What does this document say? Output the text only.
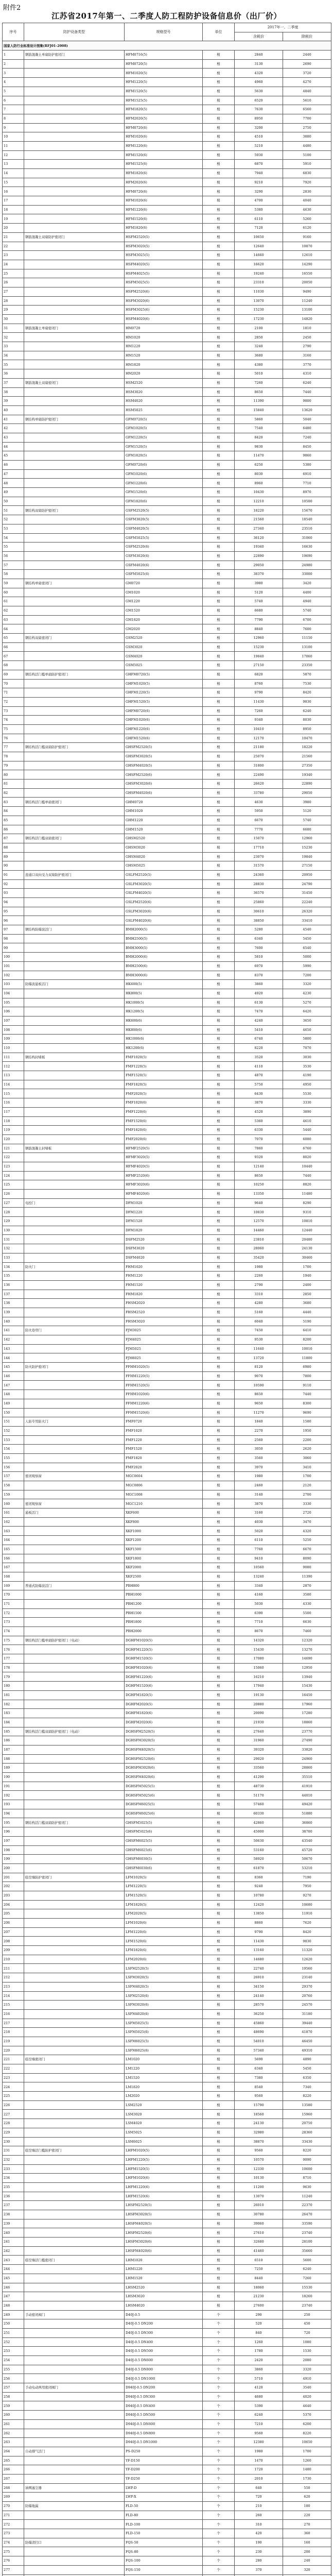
附件2
江苏省2017年第一、二季度人防工程防护设备信息价（出厂价）
序号	防护设备类型	规格型号	单位	2017年一、二季度	
				含税价	除税价
国家人防行业标准设计图集(RFJ01-2008)					
1	钢筋混凝土单扇防护密闭门	HFM0716(5)	樘	2840	2440
2		HFM0720(5)	樘	3130	2690
3		HFM1020(5)	樘	4320	3720
4		HFM1220(5)	樘	4960	4270
5		HFM1520(5)	樘	5630	4840
6		HFM1525(5)	樘	6520	5610
7		HFM1820(5)	樘	7630	6560
8		HFM2020(5)	樘	8950	7700
9		HFM0720(6)	樘	3200	2750
10		HFM1020(6)	樘	4510	3880
11		HFM1220(6)	樘	5210	4480
12		HFM1520(6)	樘	5930	5100
13		HFM1525(6)	樘	6870	5910
14		HFM1820(6)	樘	7940	6830
15		HFM2020(6)	樘	9210	7920
16		HFM0720(6)	樘	3290	2830
17		HFM1020(6)	樘	4700	4040
18		HFM1220(6)	樘	5380	4630
19		HFM1520(6)	樘	6110	5260
20		HFM1820(6)	樘	7120	6120
21	钢筋混凝土双扇防护密闭门	HSFM2520(5)	樘	10650	9160
22		HSFM3020(5)	樘	12640	10870
23		HSFM3025(5)	樘	14660	12610
24		HSFM4020(5)	樘	16620	14290
25		HSFM4025(5)	樘	19240	16550
26		HSFM5025(5)	樘	23310	20050
27		HSFM2520(6)	樘	11030	9490
28		HSFM3020(6)	樘	13070	11240
29		HSFM3025(6)	樘	15230	13100
30		HSFM4020(6)	樘	17230	14820
31	钢筋混凝土单扇密闭门	HM0720	樘	2100	1810
32		HM1020	樘	2850	2450
33		HM1220	樘	3240	2790
34		HM1520	樘	3680	3160
35		HM1820	樘	4380	3770
36		HM2020	樘	5010	4310
37	钢筋混凝土双扇密闭门	HSM2520	樘	7260	6240
38		HSM3020	樘	8650	7440
39		HSM4020	樘	11390	9800
40		HSM5025	樘	15840	13620
41	钢结构单扇防护密闭门	GFM0720(5)	樘	5860	5040
42		GFM1020(5)	樘	7540	6480
43		GFM1220(5)	樘	8420	7240
44		GFM1520(5)	樘	9830	8450
45		GFM1820(5)	樘	11470	9860
46		GFM0720(6)	樘	6250	5380
47		GFM1020(6)	樘	8030	6910
48		GFM1220(6)	樘	8960	7710
49		GFM1520(6)	樘	10430	8970
50		GFM1820(6)	樘	12210	10500
51	钢结构双扇防护密闭门	GSFM2520(5)	樘	18220	15670
52		GSFM3020(5)	樘	21560	18540
53		GSFM4020(5)	樘	27340	23510
54		GSFM5025(5)	樘	36120	31060
55		GSFM2520(6)	樘	19340	16630
56		GSFM3020(6)	樘	22890	19690
57		GSFM4020(6)	樘	29050	24980
58		GSFM5025(6)	樘	38370	33000
59	钢结构单扇密闭门	GM0720	樘	3980	3420
60		GM1020	樘	5120	4400
61		GM1220	樘	5740	4940
62		GM1520	樘	6680	5740
63		GM1820	樘	7790	6700
64		GM2020	樘	8840	7600
65	钢结构双扇密闭门	GSM2520	樘	12960	11150
66		GSM3020	樘	15230	13100
67		GSM4020	樘	19840	17060
68		GSM5025	樘	27150	23350
69	钢结构活门槛单扇防护密闭门	GHFM0720(5)	樘	6820	5870
70		GHFM1020(5)	樘	8760	7530
71		GHFM1220(5)	樘	9790	8420
72		GHFM1520(5)	樘	11430	9830
73		GHFM0720(6)	樘	7260	6240
74		GHFM1020(6)	樘	9340	8030
75		GHFM1220(6)	樘	10410	8950
76		GHFM1520(6)	樘	12170	10470
77	钢结构活门槛双扇防护密闭门	GHSFM2520(5)	樘	21180	18220
78		GHSFM3020(5)	樘	25070	21560
79		GHSFM4020(5)	樘	31800	27350
80		GHSFM2520(6)	樘	22490	19340
81		GHSFM3020(6)	樘	26620	22890
82		GHSFM4020(6)	樘	33780	29050
83	钢结构活门槛单扇密闭门	GHM0720	樘	4630	3980
84		GHM1020	樘	5950	5120
85		GHM1220	樘	6670	5740
86		GHM1520	樘	7770	6680
87	钢结构活门槛双扇密闭门	GHSM2520	樘	15070	12960
88		GHSM3020	樘	17710	15230
89		GHSM4020	樘	23070	19840
90		GHSM5025	樘	31570	27150
91	连通口双向受力双扇防护密闭门	GSLFM2520(5)	樘	24360	20950
92		GSLFM3020(5)	樘	28830	24790
93		GSLFM4020(5)	樘	36570	31450
94		GSLFM2520(6)	樘	25860	22240
95		GSLFM3020(6)	樘	30610	26320
96		GSLFM4020(6)	樘	38850	33410
97	钢结构防爆波活门	BMH2000(5)	樘	5280	4540
98		BMH2500(5)	樘	6340	5450
99		BMH3000(5)	樘	7600	6540
100		BMH2000(6)	樘	5810	5000
101		BMH2500(6)	樘	6970	5990
102		BMH3000(6)	樘	8370	7200
103	防爆波悬板活门	HK600(5)	樘	3860	3320
104		HK800(5)	樘	4920	4230
105		HK1000(5)	樘	6130	5270
106		HK1200(5)	樘	7470	6420
107		HK600(6)	樘	4240	3650
108		HK800(6)	樘	5410	4650
109		HK1000(6)	樘	6740	5800
110		HK1200(6)	樘	8220	7070
111	钢结构封堵板	FMF1020(5)	樘	3520	3030
112		FMF1220(5)	樘	4110	3530
113		FMF1520(5)	樘	4870	4190
114		FMF1820(5)	樘	5750	4950
115		FMF2020(5)	樘	6430	5530
116		FMF1020(6)	樘	3870	3330
117		FMF1220(6)	樘	4520	3890
118		FMF1520(6)	樘	5360	4610
119		FMF1820(6)	樘	6330	5440
120		FMF2020(6)	樘	7070	6080
121	钢筋混凝土封堵板	HFMF2520(5)	樘	7860	6760
122		HFMF3020(5)	樘	9320	8020
123		HFMF4020(5)	樘	12140	10440
124		HFMF2520(6)	樘	8650	7440
125		HFMF3020(6)	樘	10250	8820
126		HFMF4020(6)	樘	13350	11480
127	电控门	DFM1020	樘	9640	8290
128		DFM1220	樘	10830	9310
129		DFM1520	樘	12570	10810
130		DFM1820	樘	14460	12440
131		DSFM2520	樘	23810	20480
132		DSFM3020	樘	28060	24130
133		DSFM4020	樘	35420	30460
134	防火门	FHM1020	樘	1980	1700
135		FHM1220	樘	2260	1940
136		FHM1520	樘	2790	2400
137		FHM1820	樘	3310	2850
138		FHSM2020	樘	4280	3680
139		FHSM2520	樘	5160	4440
140		FHSM3020	樘	6040	5190
141	防火卷帘门	FJM3025	樘	7450	6410
142		FJM4025	樘	9530	8200
143		FJM5025	樘	11640	10010
144		FJM6025	樘	13720	11800
145	防火防护密闭门	FFHM1020(5)	樘	8120	6980
146		FFHM1220(5)	樘	9070	7800
147		FFHM1520(5)	樘	10590	9110
148		FFHM1020(6)	樘	8650	7440
149		FFHM1220(6)	樘	9650	8300
150		FFHM1520(6)	樘	11270	9690
151	人防专用防火门	FMF0720	樘	1840	1580
152		FMF1020	樘	2270	1950
153		FMF1220	樘	2560	2200
154		FMF1520	樘	3050	2620
155		FMF1820	樘	3560	3060
156		FMF2020	樘	3970	3410
157	密闭观察窗	MGC0604	樘	1980	1700
158		MGC0806	樘	2460	2120
159		MGC1008	樘	3140	2700
160	密闭观察窗	MGC1210	樘	3870	3330
161	悬板活门	XKF600	樘	3160	2720
162		XKF800	樘	4030	3470
163		XKF1000	樘	5020	4320
164		XKF1200	樘	6110	5250
165		XKF1500	樘	7760	6670
166		XKF1800	樘	9410	8090
167		XKF2000	樘	10560	9080
168		XKF2500	樘	13240	11390
169	普通式防爆波活门	PBH800	樘	3340	2870
170		PBH1000	樘	4160	3580
171		PBH1200	樘	5030	4330
172		PBH1500	樘	6390	5500
173		PBH1800	樘	7710	6630
174		PBH2000	樘	8670	7460
175	钢结构活门槛单扇防护密闭门（电动）	DGHFM1020(5)	樘	14320	12320
176		DGHFM1220(5)	樘	15430	13270
177		DGHFM1520(5)	樘	17080	14690
178		DGHFM1020(6)	樘	15060	12950
179		DGHFM1220(6)	樘	16210	13940
180		DGHFM1520(6)	樘	17940	15430
181		DGHFM1820(5)	樘	19130	16450
182		DGHFM2020(5)	樘	20880	17960
183		DGHFM1820(6)	樘	20090	17280
184		DGHFM2020(6)	樘	21930	18860
185	钢结构活门槛双扇防护密闭门（电动）	DGHSFM2520(5)	樘	27640	23770
186		DGHSFM3020(5)	樘	31960	27490
187		DGHSFM4020(5)	樘	39320	33820
188		DGHSFM2520(6)	樘	29020	24960
189		DGHSFM3020(6)	樘	33560	28860
190		DGHSFM4020(6)	樘	41290	35510
191		DGHSFM5025(5)	樘	48730	41910
192		DGHSFM5025(6)	樘	51170	44010
193		DGHSFM6025(5)	樘	57460	49420
194		DGHSFM6025(6)	樘	60330	51880
195	钢结构活门槛双扇防护密闭门	GHSFM5025(5)	樘	42860	36860
196		GHSFM5025(6)	樘	45000	38700
197		GHSFM6025(5)	樘	50630	43540
198		GHSFM6025(6)	樘	53160	45720
199		GHSFM6030(5)	樘	58920	50670
200		GHSFM6030(6)	樘	61870	53210
201	临空墙防护密闭门	LFM1020(5)	樘	8360	7190
202		LFM1220(5)	樘	9240	7950
203		LFM1520(5)	樘	10780	9270
204		LFM1820(5)	樘	12420	10680
205		LFM2020(5)	樘	13850	11910
206		LFM1020(6)	樘	8860	7620
207		LFM1220(6)	樘	9790	8420
208		LFM1520(6)	樘	11430	9830
209		LFM1820(6)	樘	13160	11320
210		LFM2020(6)	樘	14680	12620
211		LSFM2520(5)	樘	22740	19560
212		LSFM3020(5)	樘	26910	23140
213		LSFM4020(5)	樘	34150	29370
214		LSFM2520(6)	樘	24140	20760
215		LSFM3020(6)	樘	28570	24570
216		LSFM4020(6)	樘	36250	31180
217		LSFM5025(5)	樘	45860	39440
218		LSFM5025(6)	樘	48690	41870
219		LSFM6025(5)	樘	54010	46450
220		LSFM6025(6)	樘	57340	49310
221	临空墙密闭门	LM1020	樘	5690	4890
222		LM1220	樘	6340	5450
223		LM1520	樘	7380	6350
224		LM1820	樘	8540	7340
225		LM2020	樘	9560	8220
226		LSM2520	樘	15790	13580
227		LSM3020	樘	18560	15960
228		LSM4020	樘	24130	20750
229		LSM5025	樘	32980	28360
230		LSM6025	樘	38870	33430
231	临空墙活门槛防护密闭门	LHFM1020(5)	樘	9560	8220
232		LHFM1220(5)	樘	10570	9090
233		LHFM1520(5)	樘	12330	10600
234		LHFM1020(6)	樘	10130	8710
235		LHFM1220(6)	樘	11200	9630
236		LHFM1520(6)	樘	13070	11240
237		LHSFM2520(5)	樘	26010	22370
238		LHSFM3020(5)	樘	30780	26470
239		LHSFM4020(5)	樘	39060	33590
240		LHSFM2520(6)	樘	27610	23740
241		LHSFM3020(6)	樘	32680	28100
242		LHSFM4020(6)	樘	41460	35660
243	临空墙活门槛密闭门	LHM1020	樘	6510	5600
244		LHM1220	樘	7250	6240
245		LHM1520	樘	8440	7260
246		LHSM2520	樘	18060	15530
247		LHSM3020	樘	21230	18260
248		LHSM4020	樘	27600	23740
249	手动密闭阀门	D40J-0.5	个	290	250
250		D40J-0.5 DN200	个	520	450
251		D40J-0.5 DN300	个	840	720
252		D40J-0.5 DN400	个	1260	1080
253		D40J-0.5 DN500	个	1780	1530
254		D40J-0.5 DN600	个	2420	2080
255		D40J-0.5 DN800	个	3860	3320
256		D40J-0.5 DN1000	个	5710	4910
257	手动电动两用密闭阀门	D940J-0.5 DN200	个	4120	3540
258		D940J-0.5 DN300	个	4680	4020
259		D940J-0.5 DN400	个	5390	4640
260		D940J-0.5 DN500	个	6240	5370
261		D940J-0.5 DN600	个	7210	6200
262		D940J-0.5 DN800	个	9560	8220
263		D940J-0.5 DN1000	个	12380	10650
264	自动排气活门	PS-D250	个	1980	1700
265		YF-D150	个	1470	1260
266		YF-D200	个	1720	1480
267		YF-D250	个	2010	1730
268	油网滤尘器	LWP-D	个	640	550
269		LWP-X	个	720	620
270	防爆地漏	FLD-50	个	210	180
271		FLD-80	个	260	220
272		FLD-100	个	310	270
273		FLD-150	个	420	360
274	防爆清扫口	FQS-50	个	190	160
275		FQS-80	个	230	200
276		FQS-100	个	280	240
277		FQS-150	个	370	320
